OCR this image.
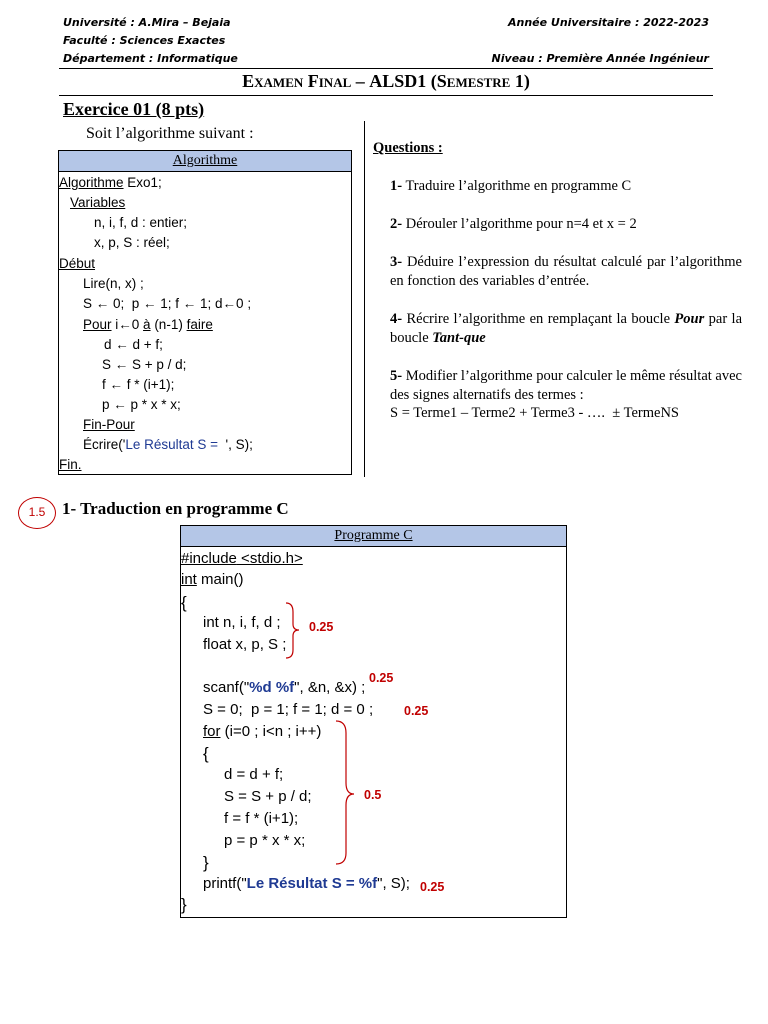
Université : A.Mira – Bejaia	Année Universitaire : 2022-2023
Faculté : Sciences Exactes
Département : Informatique	Niveau : Première Année Ingénieur
Examen Final – ALSD1 (Semestre 1)
Exercice 01 (8 pts)
Soit l’algorithme suivant :
Algorithme
Algorithme Exo1;
Variables
n, i, f, d : entier;
x, p, S : réel;
Début
Lire(n, x) ;
S ← 0;  p ← 1; f ← 1; d←0 ;
Pour i←0 à (n-1) faire
d ← d + f;
S ← S + p / d;
f ← f * (i+1);
p ← p * x * x;
Fin-Pour
Écrire('Le Résultat S =  ', S);
Fin.
Questions :
1- Traduire l’algorithme en programme C
2- Dérouler l’algorithme pour n=4 et x = 2
3- Déduire l’expression du résultat calculé par l’algorithme en fonction des variables d’entrée.
4- Récrire l’algorithme en remplaçant la boucle Pour par la boucle Tant-que
5- Modifier l’algorithme pour calculer le même résultat avec des signes alternatifs des termes :
S = Terme1 – Terme2 + Terme3 - ….  ± TermeNS
1.5 1- Traduction en programme C
Programme C
#include <stdio.h>
int main()
{
int n, i, f, d ;
float x, p, S ;
scanf("%d %f", &n, &x) ;
S = 0;  p = 1; f = 1; d = 0 ;
for (i=0 ; i<n ; i++)
{
d = d + f;
S = S + p / d;
f = f * (i+1);
p = p * x * x;
}
printf("Le Résultat S = %f", S);
}
0.25
0.25
0.25
0.5
0.25
